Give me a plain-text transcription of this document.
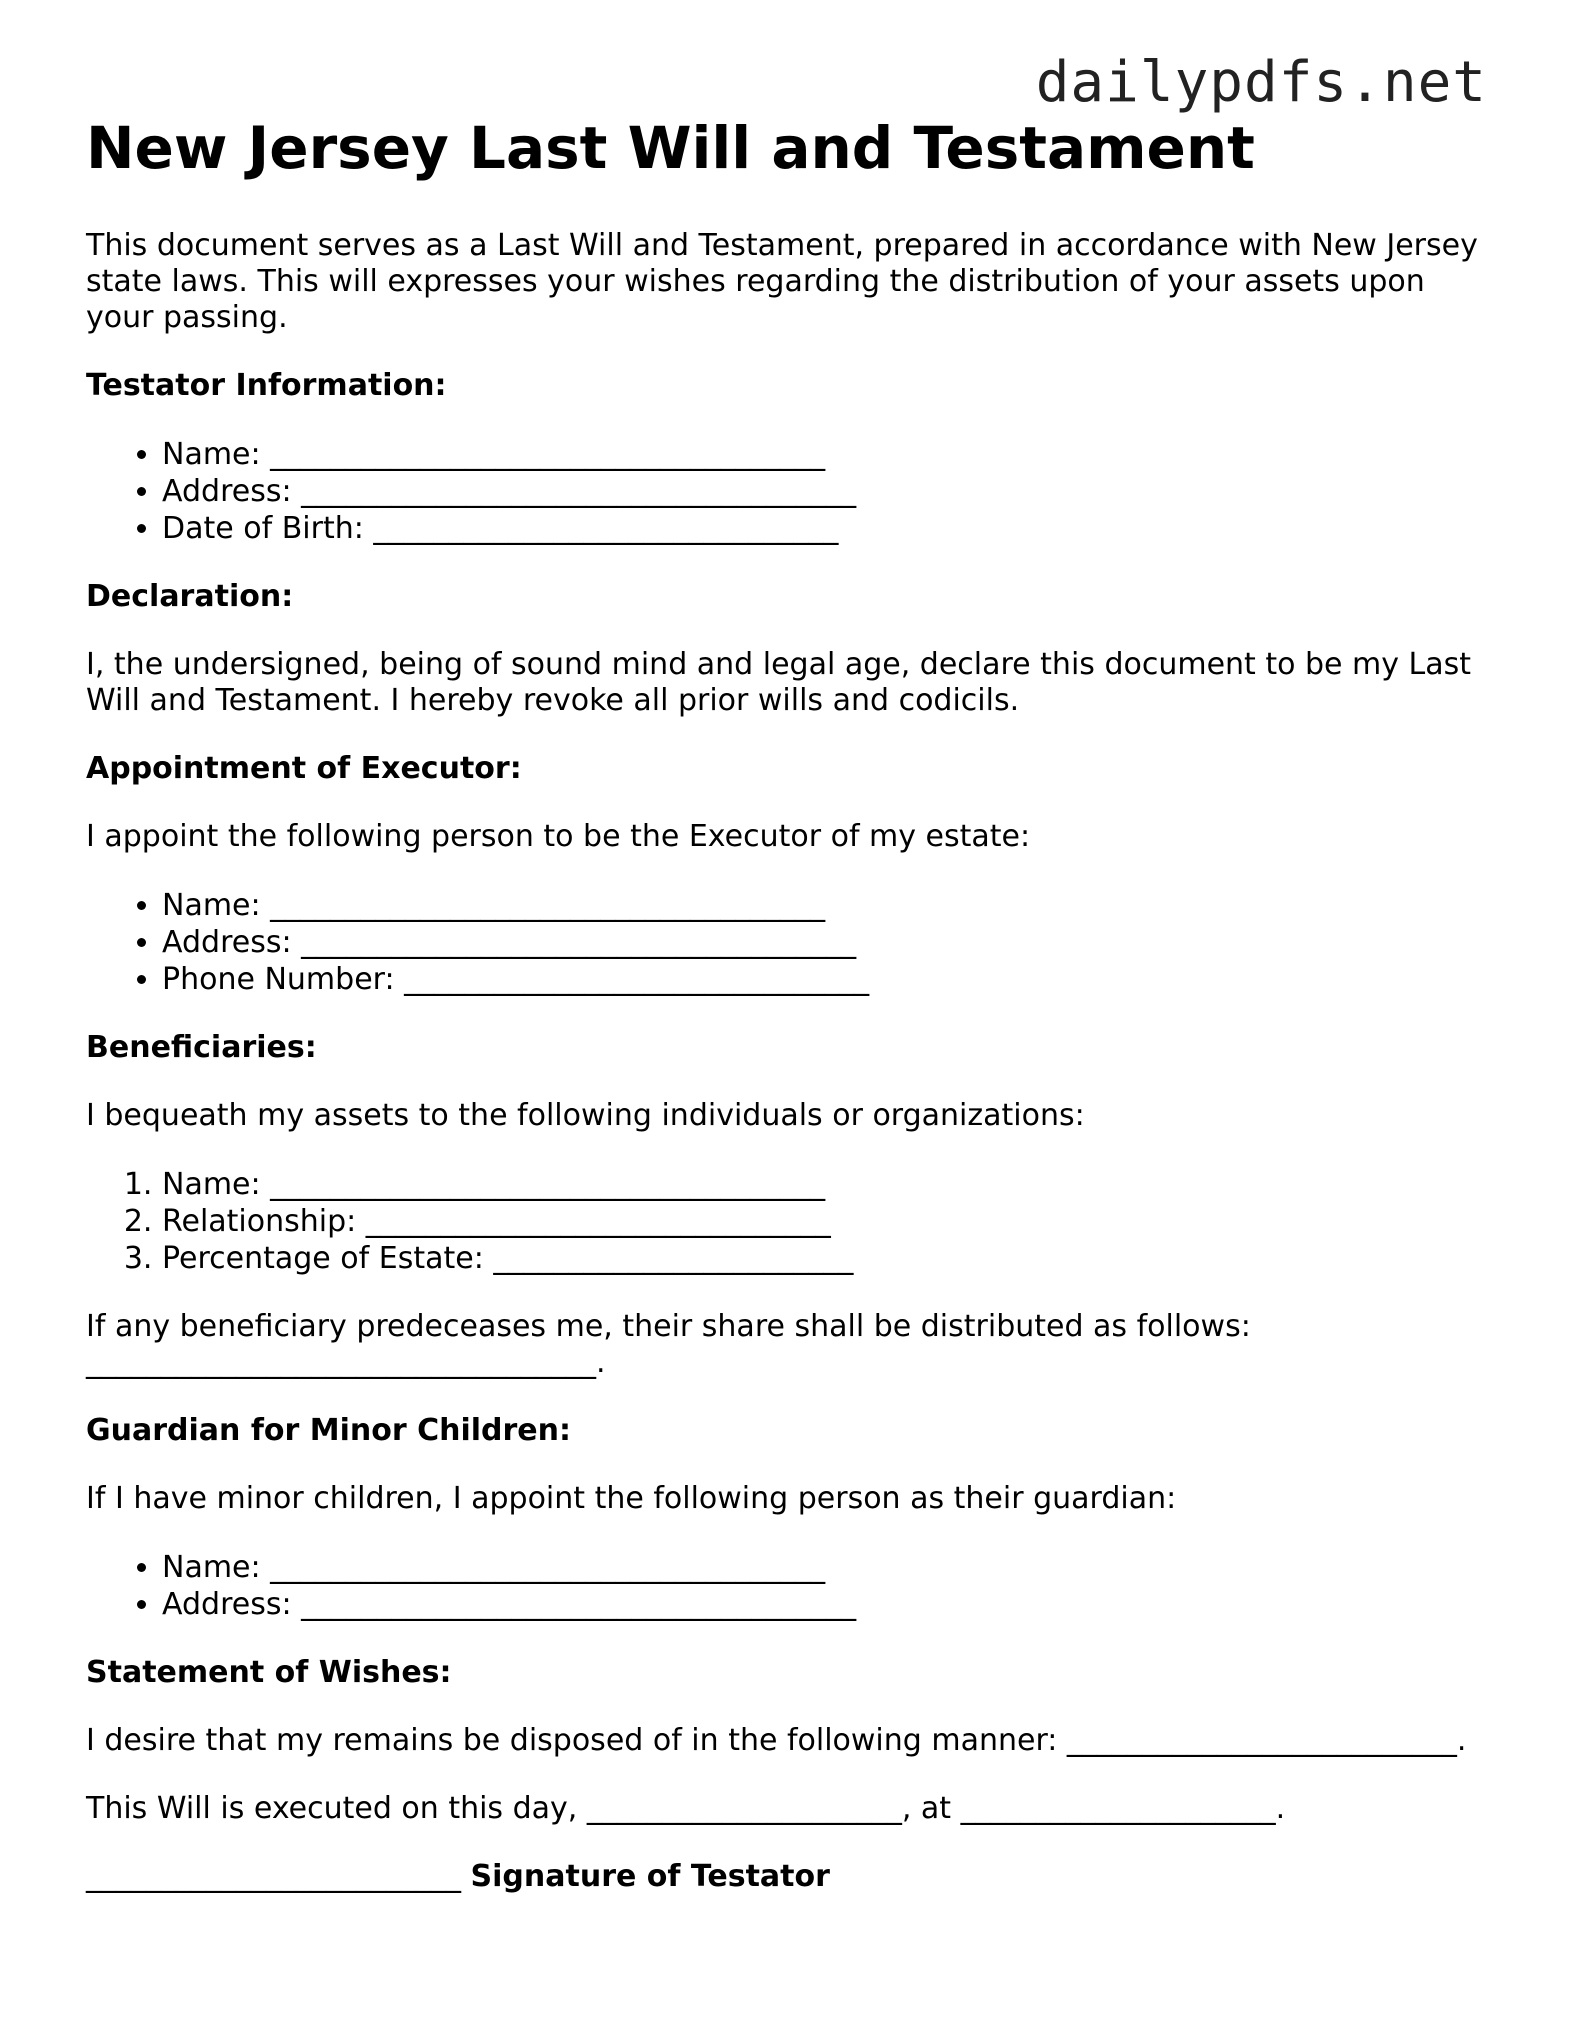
dailypdfs.net
New Jersey Last Will and Testament

This document serves as a Last Will and Testament, prepared in accordance with New Jersey state laws. This will expresses your wishes regarding the distribution of your assets upon your passing.

Testator Information:
• Name: _____________________________________
• Address: _____________________________________
• Date of Birth: _______________________________
Declaration:

I, the undersigned, being of sound mind and legal age, declare this document to be my Last Will and Testament. I hereby revoke all prior wills and codicils.

Appointment of Executor:

I appoint the following person to be the Executor of my estate:

• Name: _____________________________________
• Address: _____________________________________
• Phone Number: _______________________________
Beneficiaries:

I bequeath my assets to the following individuals or organizations:

1. Name: _____________________________________
2. Relationship: _______________________________
3. Percentage of Estate: ________________________

If any beneficiary predeceases me, their share shall be distributed as follows: __________________________________.

Guardian for Minor Children:

If I have minor children, I appoint the following person as their guardian:

• Name: _____________________________________
• Address: _____________________________________
Statement of Wishes:

I desire that my remains be disposed of in the following manner: __________________________.

This Will is executed on this day, _____________________, at _____________________.

_________________________ Signature of Testator
